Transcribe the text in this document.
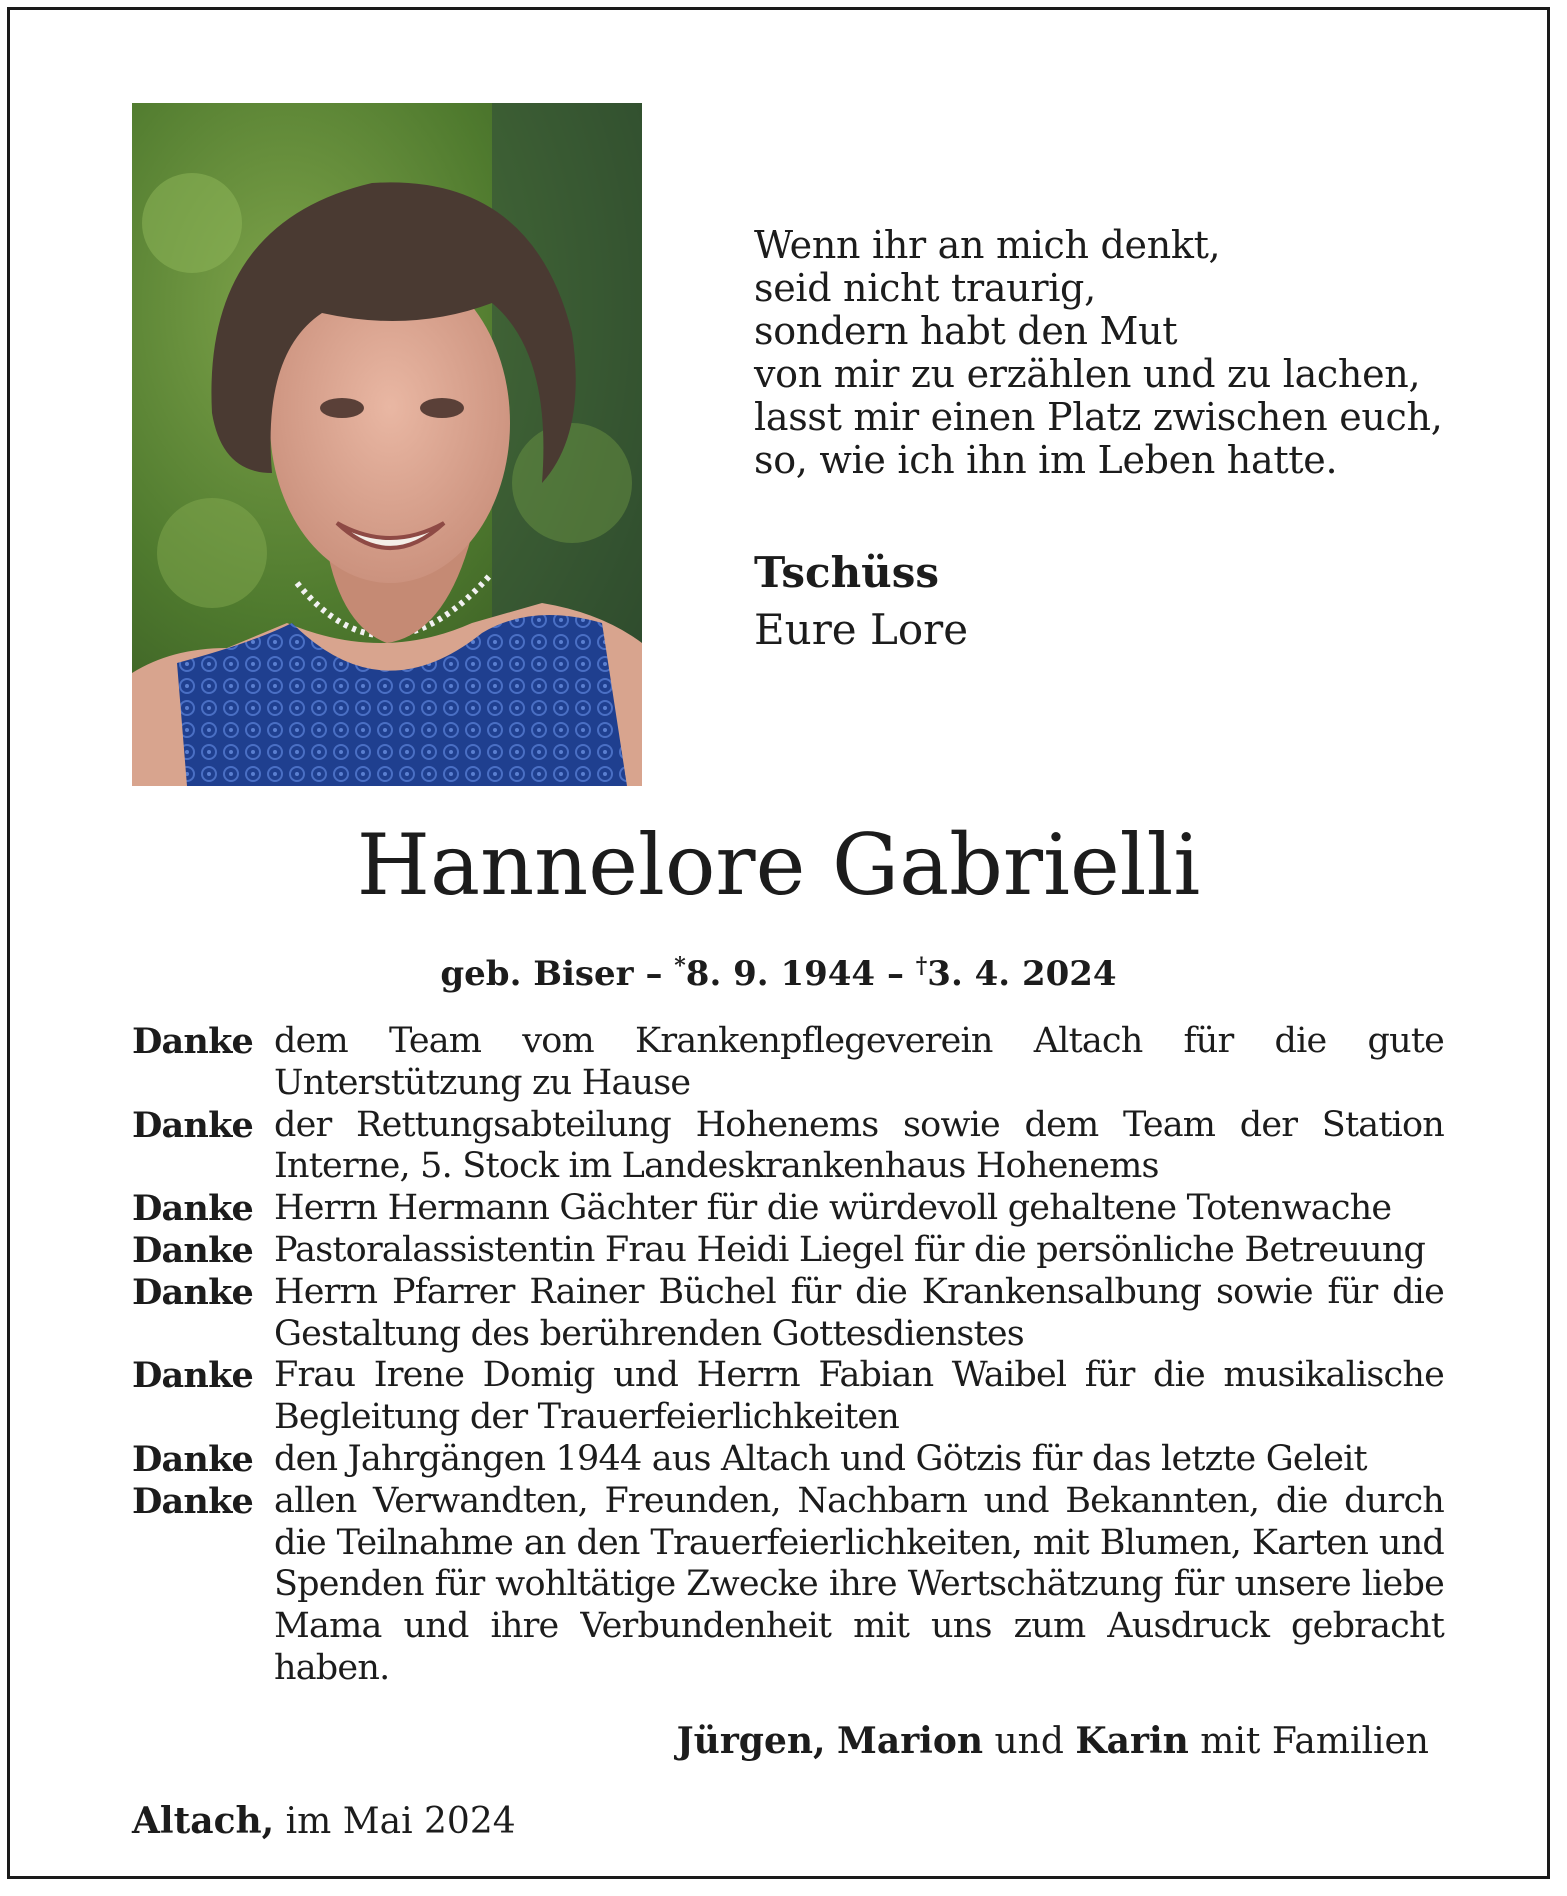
Wenn ihr an mich denkt,
seid nicht traurig,
sondern habt den Mut
von mir zu erzählen und zu lachen,
lasst mir einen Platz zwischen euch,
so, wie ich ihn im Leben hatte.
Tschüss
Eure Lore
Hannelore Gabrielli
geb. Biser – *8. 9. 1944 – †3. 4. 2024
Danke dem Team vom Krankenpflegeverein Altach für die gute Unterstützung zu Hause
Danke der Rettungsabteilung Hohenems sowie dem Team der Station Interne, 5. Stock im Landeskrankenhaus Hohenems
Danke Herrn Hermann Gächter für die würdevoll gehaltene Totenwache
Danke Pastoralassistentin Frau Heidi Liegel für die persönliche Betreuung
Danke Herrn Pfarrer Rainer Büchel für die Krankensalbung sowie für die Gestaltung des berührenden Gottesdienstes
Danke Frau Irene Domig und Herrn Fabian Waibel für die musikalische Begleitung der Trauerfeierlichkeiten
Danke den Jahrgängen 1944 aus Altach und Götzis für das letzte Geleit
Danke allen Verwandten, Freunden, Nachbarn und Bekannten, die durch die Teilnahme an den Trauerfeierlichkeiten, mit Blumen, Karten und Spenden für wohltätige Zwecke ihre Wertschätzung für unsere liebe Mama und ihre Verbundenheit mit uns zum Ausdruck gebracht haben.
Jürgen, Marion und Karin mit Familien
Altach, im Mai 2024
